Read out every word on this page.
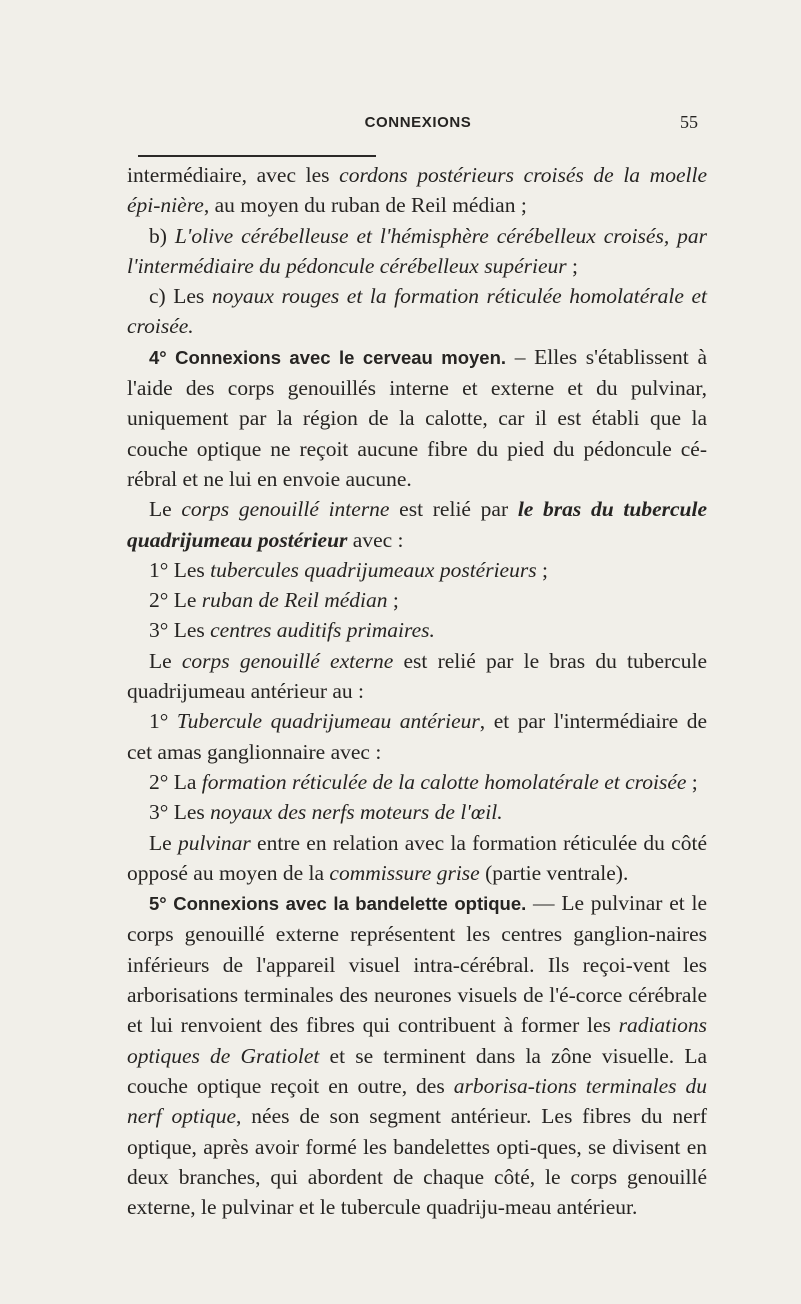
CONNEXIONS	55

intermédiaire, avec les cordons postérieurs croisés de la moelle épi-nière, au moyen du ruban de Reil médian ;

b) L'olive cérébelleuse et l'hémisphère cérébelleux croisés, par l'intermédiaire du pédoncule cérébelleux supérieur ;

c) Les noyaux rouges et la formation réticulée homolatérale et croisée.

4° Connexions avec le cerveau moyen. – Elles s'établissent à l'aide des corps genouillés interne et externe et du pulvinar, uniquement par la région de la calotte, car il est établi que la couche optique ne reçoit aucune fibre du pied du pédoncule cé-rébral et ne lui en envoie aucune.

Le corps genouillé interne est relié par le bras du tubercule quadrijumeau postérieur avec :

1° Les tubercules quadrijumeaux postérieurs ;

2° Le ruban de Reil médian ;

3° Les centres auditifs primaires.

Le corps genouillé externe est relié par le bras du tubercule quadrijumeau antérieur au :

1° Tubercule quadrijumeau antérieur, et par l'intermédiaire de cet amas ganglionnaire avec :

2° La formation réticulée de la calotte homolatérale et croisée ;

3° Les noyaux des nerfs moteurs de l'œil.

Le pulvinar entre en relation avec la formation réticulée du côté opposé au moyen de la commissure grise (partie ventrale).

5° Connexions avec la bandelette optique. — Le pulvinar et le corps genouillé externe représentent les centres ganglion-naires inférieurs de l'appareil visuel intra-cérébral. Ils reçoi-vent les arborisations terminales des neurones visuels de l'é-corce cérébrale et lui renvoient des fibres qui contribuent à former les radiations optiques de Gratiolet et se terminent dans la zône visuelle. La couche optique reçoit en outre, des arborisa-tions terminales du nerf optique, nées de son segment antérieur. Les fibres du nerf optique, après avoir formé les bandelettes opti-ques, se divisent en deux branches, qui abordent de chaque côté, le corps genouillé externe, le pulvinar et le tubercule quadriju-meau antérieur.
